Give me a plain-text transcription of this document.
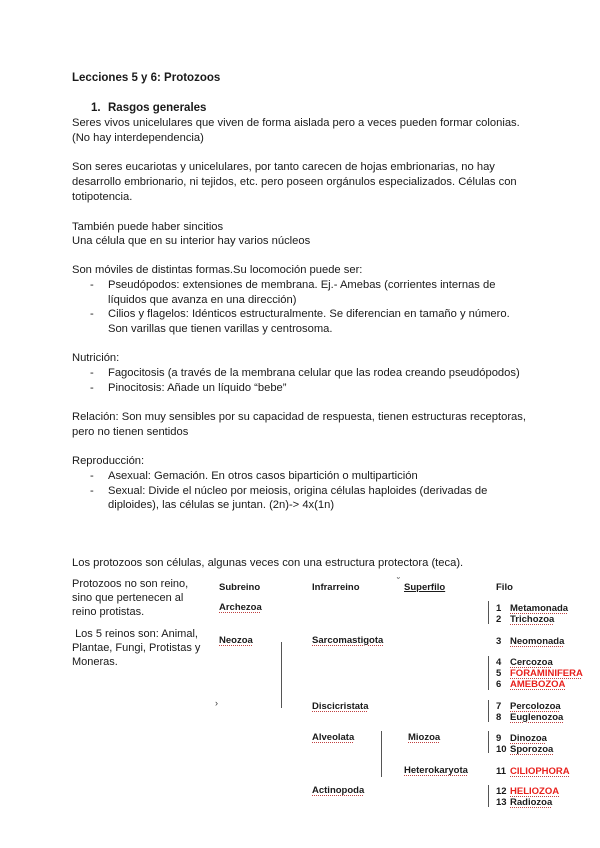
Lecciones 5 y 6: Protozoos
1. Rasgos generales
Seres vivos unicelulares que viven de forma aislada pero a veces pueden formar colonias.
(No hay interdependencia)
Son seres eucariotas y unicelulares, por tanto carecen de hojas embrionarias, no hay
desarrollo embrionario, ni tejidos, etc. pero poseen orgánulos especializados. Células con
totipotencia.
También puede haber sincitios
Una célula que en su interior hay varios núcleos
Son móviles de distintas formas.Su locomoción puede ser:
- Pseudópodos: extensiones de membrana. Ej.- Amebas (corrientes internas de
líquidos que avanza en una dirección)
- Cilios y flagelos: Idénticos estructuralmente. Se diferencian en tamaño y número.
Son varillas que tienen varillas y centrosoma.
Nutrición:
- Fagocitosis (a través de la membrana celular que las rodea creando pseudópodos)
- Pinocitosis: Añade un líquido “bebe”
Relación: Son muy sensibles por su capacidad de respuesta, tienen estructuras receptoras,
pero no tienen sentidos
Reproducción:
- Asexual: Gemación. En otros casos bipartición o multipartición
- Sexual: Divide el núcleo por meiosis, origina células haploides (derivadas de
diploides), las células se juntan. (2n)-> 4x(1n)
Los protozoos son células, algunas veces con una estructura protectora (teca).
Protozoos no son reino, sino que pertenecen al reino protistas.
Los 5 reinos son: Animal, Plantae, Fungi, Protistas y Moneras.
Subreino	Infrarreino
˘
Superfilo	Filo
Archezoa
Neozoa
›
Sarcomastigota
Discicristata
Alveolata
Actinopoda
Miozoa
Heterokaryota
1 Metamonada
2 Trichozoa
3 Neomonada
4 Cercozoa
5 FORAMINIFERA
6 AMEBOZOA
7 Percolozoa
8 Euglenozoa
9 Dinozoa
10 Sporozoa
11 CILIOPHORA
12 HELIOZOA
13 Radiozoa
